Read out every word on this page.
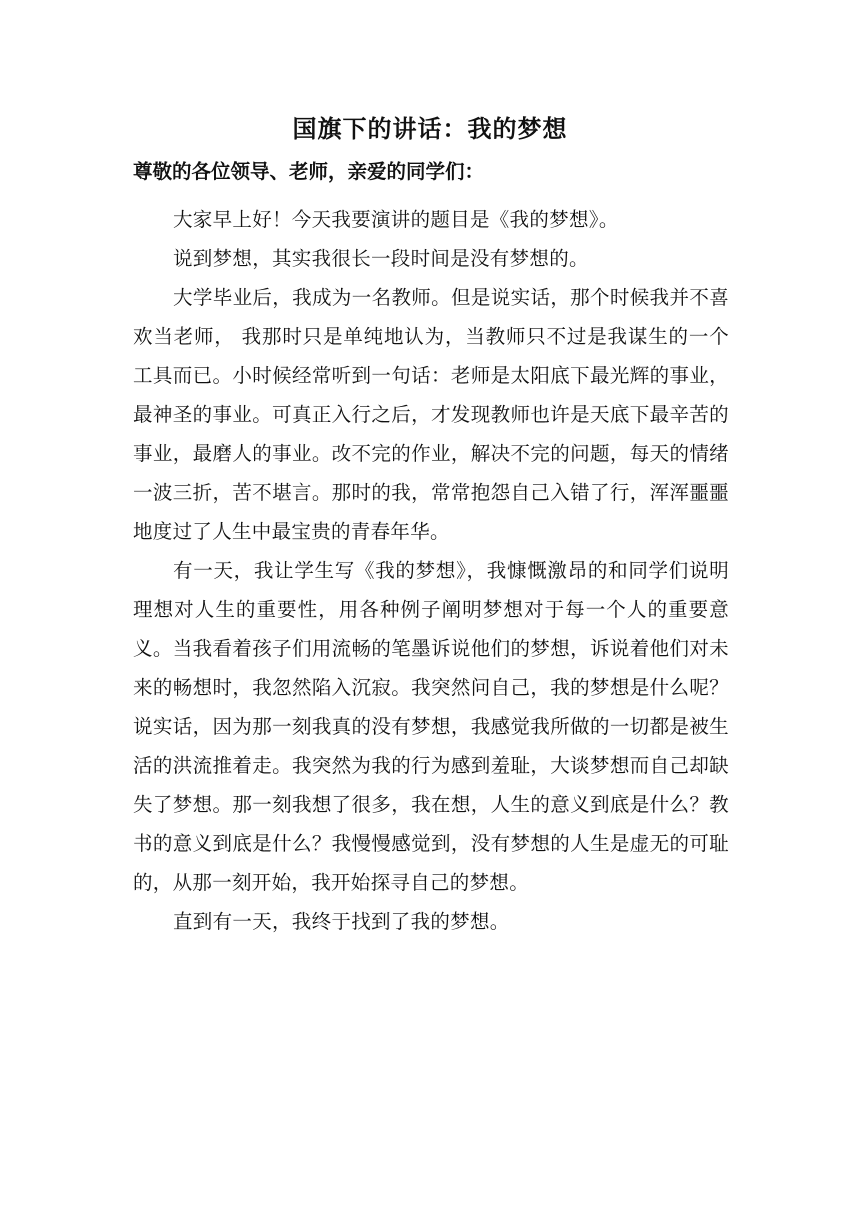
国旗下的讲话：我的梦想

尊敬的各位领导、老师，亲爱的同学们：

大家早上好！今天我要演讲的题目是《我的梦想》。

说到梦想，其实我很长一段时间是没有梦想的。

大学毕业后，我成为一名教师。但是说实话，那个时候我并不喜欢当老师， 我那时只是单纯地认为，当教师只不过是我谋生的一个工具而已。小时候经常听到一句话：老师是太阳底下最光辉的事业，最神圣的事业。可真正入行之后，才发现教师也许是天底下最辛苦的事业，最磨人的事业。改不完的作业，解决不完的问题，每天的情绪一波三折，苦不堪言。那时的我，常常抱怨自己入错了行，浑浑噩噩地度过了人生中最宝贵的青春年华。

有一天，我让学生写《我的梦想》，我慷慨激昂的和同学们说明理想对人生的重要性，用各种例子阐明梦想对于每一个人的重要意义。当我看着孩子们用流畅的笔墨诉说他们的梦想，诉说着他们对未来的畅想时，我忽然陷入沉寂。我突然问自己，我的梦想是什么呢？说实话，因为那一刻我真的没有梦想，我感觉我所做的一切都是被生活的洪流推着走。我突然为我的行为感到羞耻，大谈梦想而自己却缺失了梦想。那一刻我想了很多，我在想，人生的意义到底是什么？教书的意义到底是什么？我慢慢感觉到，没有梦想的人生是虚无的可耻的，从那一刻开始，我开始探寻自己的梦想。

直到有一天，我终于找到了我的梦想。
